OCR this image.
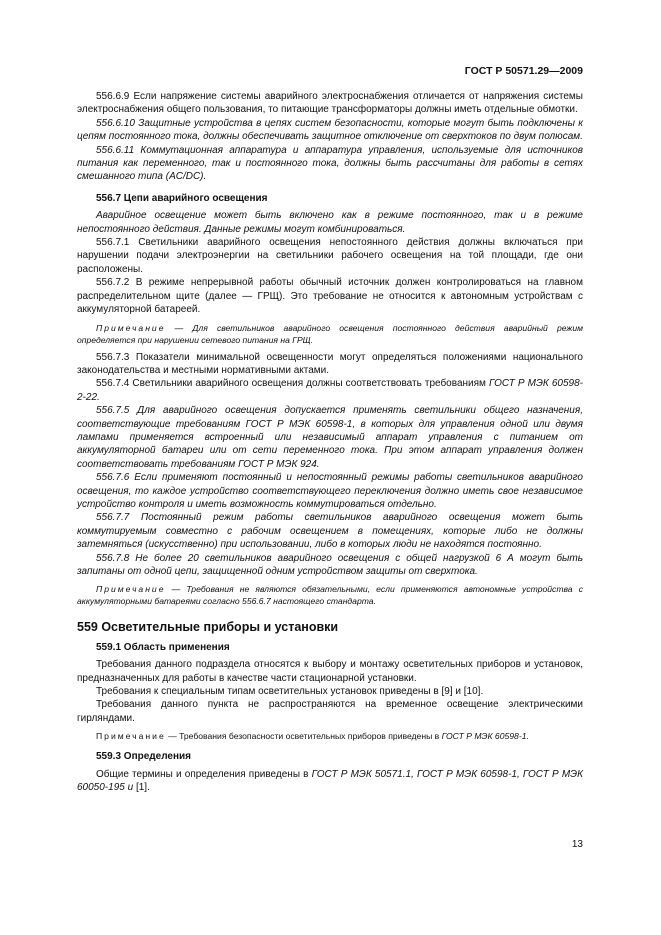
ГОСТ Р 50571.29—2009

556.6.9 Если напряжение системы аварийного электроснабжения отличается от напряжения системы электроснабжения общего пользования, то питающие трансформаторы должны иметь отдельные обмотки.

556.6.10 Защитные устройства в цепях систем безопасности, которые могут быть подключены к цепям постоянного тока, должны обеспечивать защитное отключение от сверхтоков по двум полюсам.

556.6.11 Коммутационная аппаратура и аппаратура управления, используемые для источников питания как переменного, так и постоянного тока, должны быть рассчитаны для работы в сетях смешанного типа (AC/DC).

556.7 Цепи аварийного освещения

Аварийное освещение может быть включено как в режиме постоянного, так и в режиме непостоянного действия. Данные режимы могут комбинироваться.

556.7.1 Светильники аварийного освещения непостоянного действия должны включаться при нарушении подачи электроэнергии на светильники рабочего освещения на той площади, где они расположены.

556.7.2 В режиме непрерывной работы обычный источник должен контролироваться на главном распределительном щите (далее — ГРЩ). Это требование не относится к автономным устройствам с аккумуляторной батареей.

Примечание — Для светильников аварийного освещения постоянного действия аварийный режим определяется при нарушении сетевого питания на ГРЩ.

556.7.3 Показатели минимальной освещенности могут определяться положениями национального законодательства и местными нормативными актами.

556.7.4 Светильники аварийного освещения должны соответствовать требованиям ГОСТ Р МЭК 60598-2-22.

556.7.5 Для аварийного освещения допускается применять светильники общего назначения, соответствующие требованиям ГОСТ Р МЭК 60598-1, в которых для управления одной или двумя лампами применяется встроенный или независимый аппарат управления с питанием от аккумуляторной батареи или от сети переменного тока. При этом аппарат управления должен соответствовать требованиям ГОСТ Р МЭК 924.

556.7.6 Если применяют постоянный и непостоянный режимы работы светильников аварийного освещения, то каждое устройство соответствующего переключения должно иметь свое независимое устройство контроля и иметь возможность коммутироваться отдельно.

556.7.7 Постоянный режим работы светильников аварийного освещения может быть коммутируемым совместно с рабочим освещением в помещениях, которые либо не должны затемняться (искусственно) при использовании, либо в которых люди не находятся постоянно.

556.7.8 Не более 20 светильников аварийного освещения с общей нагрузкой 6 А могут быть запитаны от одной цепи, защищенной одним устройством защиты от сверхтока.

Примечание — Требования не являются обязательными, если применяются автономные устройства с аккумуляторными батареями согласно 556.6.7 настоящего стандарта.

559 Осветительные приборы и установки

559.1 Область применения

Требования данного подраздела относятся к выбору и монтажу осветительных приборов и установок, предназначенных для работы в качестве части стационарной установки.

Требования к специальным типам осветительных установок приведены в [9] и [10].

Требования данного пункта не распространяются на временное освещение электрическими гирляндами.

Примечание — Требования безопасности осветительных приборов приведены в ГОСТ Р МЭК 60598-1.

559.3 Определения

Общие термины и определения приведены в ГОСТ Р МЭК 50571.1, ГОСТ Р МЭК 60598-1, ГОСТ Р МЭК 60050-195 и [1].

13
